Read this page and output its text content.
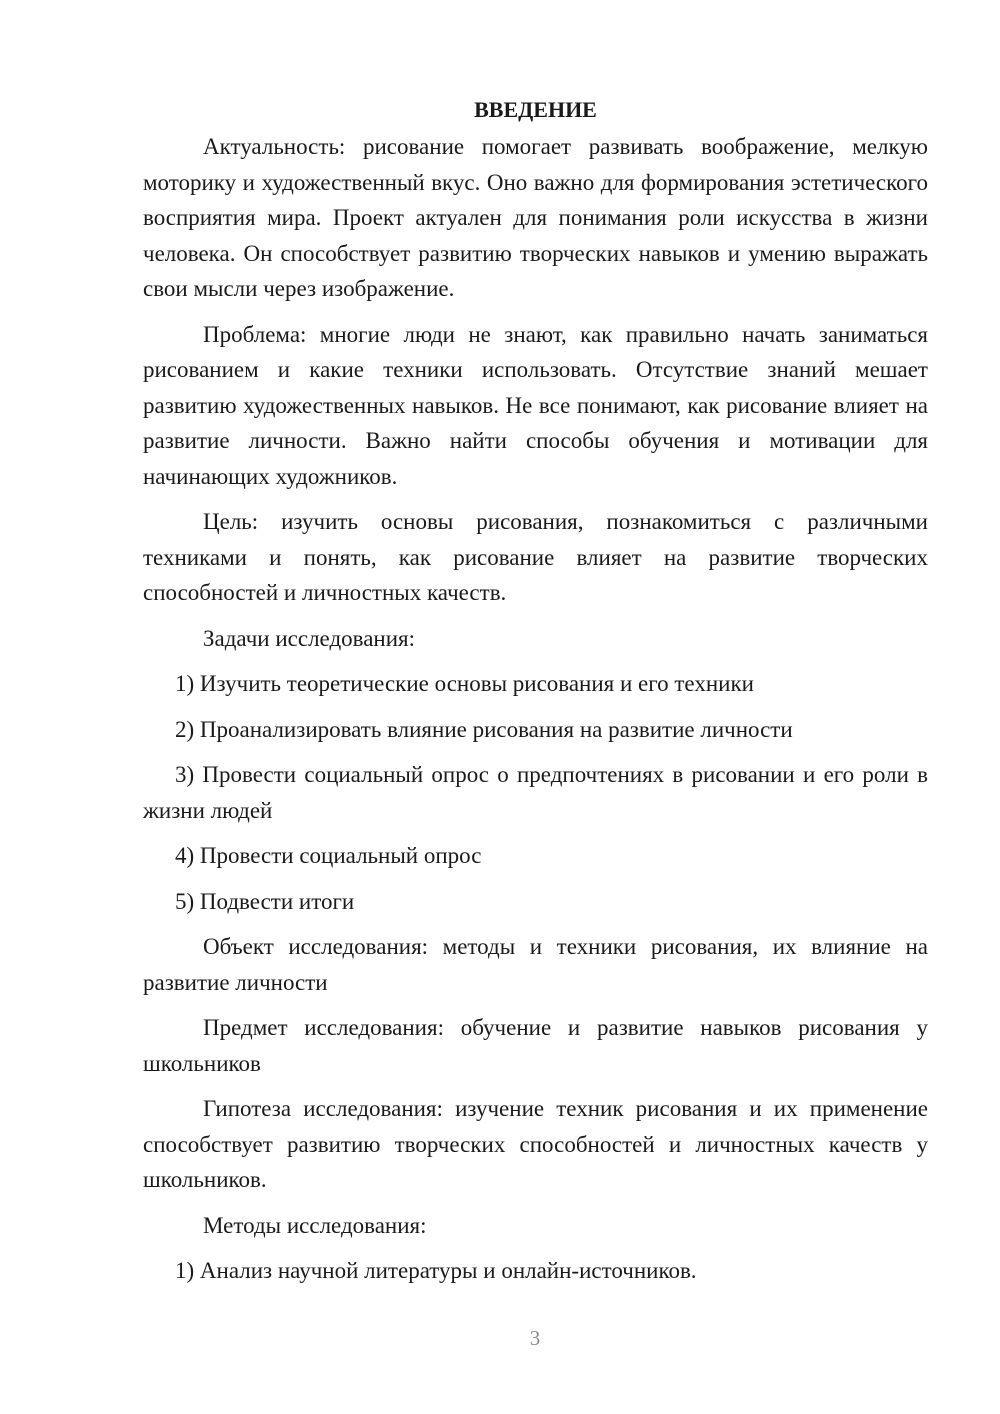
ВВЕДЕНИЕ

Актуальность: рисование помогает развивать воображение, мелкую моторику и художественный вкус. Оно важно для формирования эстетического восприятия мира. Проект актуален для понимания роли искусства в жизни человека. Он способствует развитию творческих навыков и умению выражать свои мысли через изображение.

Проблема: многие люди не знают, как правильно начать заниматься рисованием и какие техники использовать. Отсутствие знаний мешает развитию художественных навыков. Не все понимают, как рисование влияет на развитие личности. Важно найти способы обучения и мотивации для начинающих художников.

Цель: изучить основы рисования, познакомиться с различными техниками и понять, как рисование влияет на развитие творческих способностей и личностных качеств.

Задачи исследования:

1) Изучить теоретические основы рисования и его техники

2) Проанализировать влияние рисования на развитие личности

3) Провести социальный опрос о предпочтениях в рисовании и его роли в жизни людей

4) Провести социальный опрос

5) Подвести итоги

Объект исследования: методы и техники рисования, их влияние на развитие личности

Предмет исследования: обучение и развитие навыков рисования у школьников

Гипотеза исследования: изучение техник рисования и их применение способствует развитию творческих способностей и личностных качеств у школьников.

Методы исследования:

1) Анализ научной литературы и онлайн-источников.

3
